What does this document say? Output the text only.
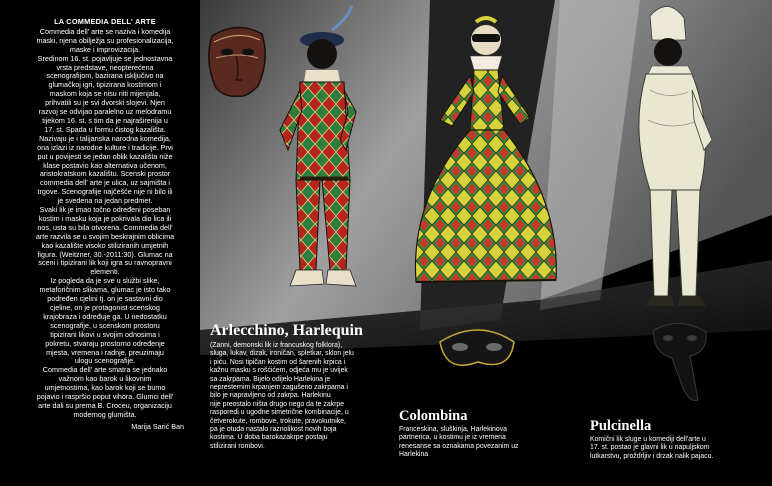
LA COMMEDIA DELL' ARTE
Commedia dell' arte se naziva i komedija
maski, njena obilježja su profesionalizacija,
maske i improvizacija.
Sredinom 16. st. pojavljuje se jednostavna
vrsta predstave, neopterećena
scenografijom, bazirana isključivo na
glumačkoj igri, tipizirana kostimom i
maskom koja se nisu niti mijenjala,
prihvatili su je svi dvorski slojevi. Njen
razvoj se odvijao paralelno uz melodramu
tijekom 16. st. s tim da je najraširenija u
17. st. Spada u formu čistog kazališta.
Nazivaju je i talijanska narodna komedija,
ona izlazi iz narodne kulture i tradicije. Prvi
put u povijesti se jedan oblik kazališta niže
klase postavio kao alternativa učenom,
aristokratskom kazalištu. Scenski prostor
commedia dell' arte je ulica, uz sajmišta i
trgove. Scenografije najčešće nije ni bilo ili
je svedena na jedan predmet.
Svaki lik je imao točno određeni poseban
kostim i masku koja je pokrivala dio lica ili
nos, usta su bila otvorena. Commedia dell'
arte razvila se u svojim beskrajnim oblicima
kao kazalište visoko stiliziranih umjetnih
figura. (Weitzner, 30.-2011:30). Glumac na
sceni i tipizirani lik koji igra su ravnopravni
elementi.
Iz pogleda da je sve u službi slike,
metaforičnim slikama, glumac je isto tako
podređen cjelini tj. on je sastavni dio
cjeline, on je protagonist scenskog
krajobraza i određuje ga. U nedostatku
scenografije, u scenskom prostoru
tipizirani likovi u svojim odnosima i
pokretu, stvaraju prostorno određenje
mjesta, vremena i radnje, preuzimaju
ulogu scenografije.
Commedia dell' arte smatra se jednako
važnom kao barok u likovnim
umjetnostima, kao barok koji se bumo
pojavio i raspršio poput vihora. Glumci dell'
arte dali su prema B. Croceu, organizaciju
modernog glumišta.
Marija Sarić Ban
Arlecchino, Harlequin
(Zanni, demonski lik iz francuskog folklora),
sluga, lukav, dizak, ironičan, spletkar, sklon jelu
i piću. Nosi tipičan kostim od šarenih krpica i
kažnu masku s rošćićem, odjeća mu je uvijek
sa zakrpama. Bijelo odijelo Harlekina je
nepresternim krpanjem zagušeno zakrpama i
bilo je napravljeno od zakrpa. Harlekinu
nije preostalo ništa drugo nego da te zakrpe
rasporedi u ugodne simetrične kombinacije, u
četverokute, rombove, trokute, pravokutnike,
pa je otuda nastalo raznolikost novih boja
kostima. U doba barokazakrpe postaju
stilizirani rombovi.
Colombina
Franceskina, sluškinja, Harlekinova
partnerica, u kostimu je iz vremena
renesanse sa oznakama povezanim uz
Harlekina
Pulcinella
Komični lik sluge u komediji dell'arte u
17. st. postao je glavni lik u napuljskom
lutkarstvu, proždrljiv i drzak nalik pajacu.
